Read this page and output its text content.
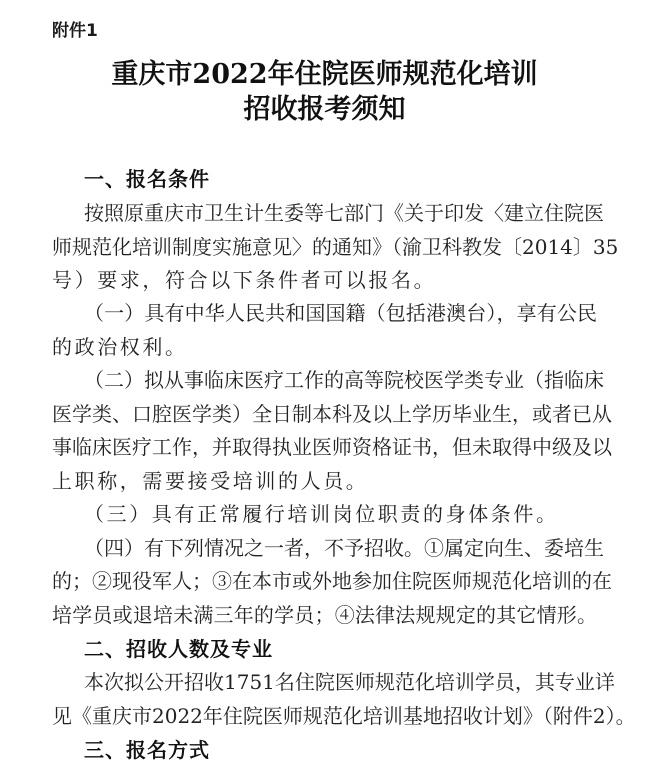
附件1
重庆市2022年住院医师规范化培训
招收报考须知
一、报名条件
按照原重庆市卫生计生委等七部门《关于印发〈建立住院医
师规范化培训制度实施意见〉的通知》（渝卫科教发〔2014〕35
号）要求，符合以下条件者可以报名。
（一）具有中华人民共和国国籍（包括港澳台），享有公民
的政治权利。
（二）拟从事临床医疗工作的高等院校医学类专业（指临床
医学类、口腔医学类）全日制本科及以上学历毕业生，或者已从
事临床医疗工作，并取得执业医师资格证书，但未取得中级及以
上职称，需要接受培训的人员。
（三）具有正常履行培训岗位职责的身体条件。
（四）有下列情况之一者，不予招收。①属定向生、委培生
的；②现役军人；③在本市或外地参加住院医师规范化培训的在
培学员或退培未满三年的学员；④法律法规规定的其它情形。
二、招收人数及专业
本次拟公开招收1751名住院医师规范化培训学员，其专业详
见《重庆市2022年住院医师规范化培训基地招收计划》（附件2）。
三、报名方式
